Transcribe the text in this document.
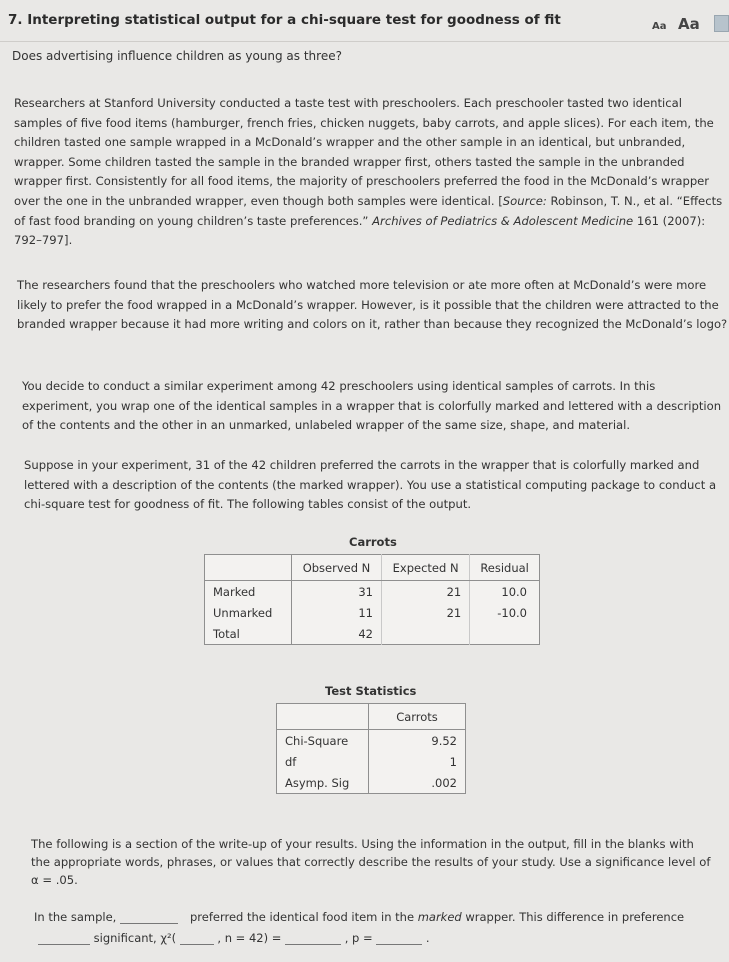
7. Interpreting statistical output for a chi-square test for goodness of fit	Aa Aa
Does advertising influence children as young as three?
Researchers at Stanford University conducted a taste test with preschoolers. Each preschooler tasted two identical samples of five food items (hamburger, french fries, chicken nuggets, baby carrots, and apple slices). For each item, the children tasted one sample wrapped in a McDonald’s wrapper and the other sample in an identical, but unbranded, wrapper. Some children tasted the sample in the branded wrapper first, others tasted the sample in the unbranded wrapper first. Consistently for all food items, the majority of preschoolers preferred the food in the McDonald’s wrapper over the one in the unbranded wrapper, even though both samples were identical. [Source: Robinson, T. N., et al. “Effects of fast food branding on young children’s taste preferences.” Archives of Pediatrics & Adolescent Medicine 161 (2007): 792–797].
The researchers found that the preschoolers who watched more television or ate more often at McDonald’s were more likely to prefer the food wrapped in a McDonald’s wrapper. However, is it possible that the children were attracted to the branded wrapper because it had more writing and colors on it, rather than because they recognized the McDonald’s logo?
You decide to conduct a similar experiment among 42 preschoolers using identical samples of carrots. In this experiment, you wrap one of the identical samples in a wrapper that is colorfully marked and lettered with a description of the contents and the other in an unmarked, unlabeled wrapper of the same size, shape, and material.
Suppose in your experiment, 31 of the 42 children preferred the carrots in the wrapper that is colorfully marked and lettered with a description of the contents (the marked wrapper). You use a statistical computing package to conduct a chi-square test for goodness of fit. The following tables consist of the output.
Carrots
	Observed N	Expected N	Residual
Marked	31	21	10.0
Unmarked	11	21	-10.0
Total	42		
Test Statistics
	Carrots
Chi-Square	9.52
df	1
Asymp. Sig	.002
The following is a section of the write-up of your results. Using the information in the output, fill in the blanks with the appropriate words, phrases, or values that correctly describe the results of your study. Use a significance level of α = .05.
In the sample,	preferred the identical food item in the marked wrapper. This difference in preference
significant, χ²(	, n = 42) =	, p =	.
